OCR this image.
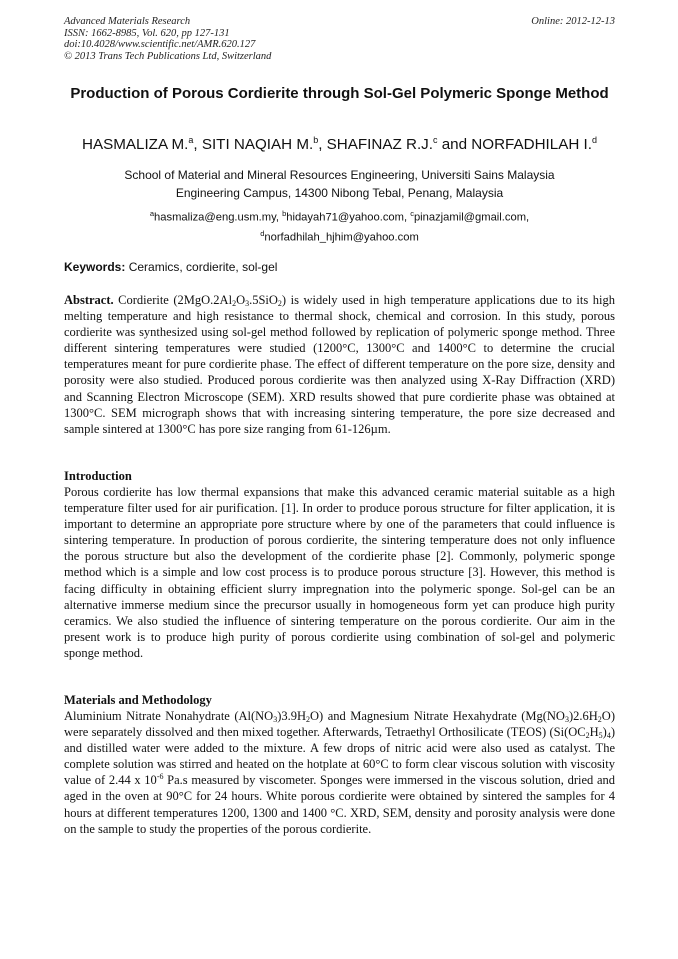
Advanced Materials Research
ISSN: 1662-8985, Vol. 620, pp 127-131
doi:10.4028/www.scientific.net/AMR.620.127
© 2013 Trans Tech Publications Ltd, Switzerland
Online: 2012-12-13
Production of Porous Cordierite through Sol-Gel Polymeric Sponge Method
HASMALIZA M.$^a$, SITI NAQIAH M.$^b$, SHAFINAZ R.J.$^c$ and NORFADHILAH I.$^d$
School of Material and Mineral Resources Engineering, Universiti Sains Malaysia
Engineering Campus, 14300 Nibong Tebal, Penang, Malaysia
$^a$hasmaliza@eng.usm.my, $^b$hidayah71@yahoo.com, $^c$pinazjamil@gmail.com,
$^d$norfadhilah_hjhim@yahoo.com
Keywords: Ceramics, cordierite, sol-gel
Abstract. Cordierite $(2MgO.2Al_2O_3.5SiO_2)$ is widely used in high temperature applications due to its high melting temperature and high resistance to thermal shock, chemical and corrosion. In this study, porous cordierite was synthesized using sol-gel method followed by replication of polymeric sponge method. Three different sintering temperatures were studied (1200°C, 1300°C and 1400°C to determine the crucial temperatures meant for pure cordierite phase. The effect of different temperature on the pore size, density and porosity were also studied. Produced porous cordierite was then analyzed using X-Ray Diffraction (XRD) and Scanning Electron Microscope (SEM). XRD results showed that pure cordierite phase was obtained at 1300°C. SEM micrograph shows that with increasing sintering temperature, the pore size decreased and sample sintered at 1300°C has pore size ranging from 61-126µm.
Introduction
Porous cordierite has low thermal expansions that make this advanced ceramic material suitable as a high temperature filter used for air purification. [1]. In order to produce porous structure for filter application, it is important to determine an appropriate pore structure where by one of the parameters that could influence is sintering temperature. In production of porous cordierite, the sintering temperature does not only influence the porous structure but also the development of the cordierite phase [2]. Commonly, polymeric sponge method which is a simple and low cost process is to produce porous structure [3]. However, this method is facing difficulty in obtaining efficient slurry impregnation into the polymeric sponge. Sol-gel can be an alternative immerse medium since the precursor usually in homogeneous form yet can produce high purity ceramics. We also studied the influence of sintering temperature on the porous cordierite. Our aim in the present work is to produce high purity of porous cordierite using combination of sol-gel and polymeric sponge method.
Materials and Methodology
Aluminium Nitrate Nonahydrate $(Al(NO_3)3.9H_2O)$ and Magnesium Nitrate Hexahydrate $(Mg(NO_3)2.6H_2O)$ were separately dissolved and then mixed together. Afterwards, Tetraethyl Orthosilicate (TEOS) $(Si(OC_2H_5)_4)$ and distilled water were added to the mixture. A few drops of nitric acid were also used as catalyst. The complete solution was stirred and heated on the hotplate at 60°C to form clear viscous solution with viscosity value of 2.44 x $10^{-6}$ Pa.s measured by viscometer. Sponges were immersed in the viscous solution, dried and aged in the oven at 90°C for 24 hours. White porous cordierite were obtained by sintered the samples for 4 hours at different temperatures 1200, 1300 and 1400 °C. XRD, SEM, density and porosity analysis were done on the sample to study the properties of the porous cordierite.
